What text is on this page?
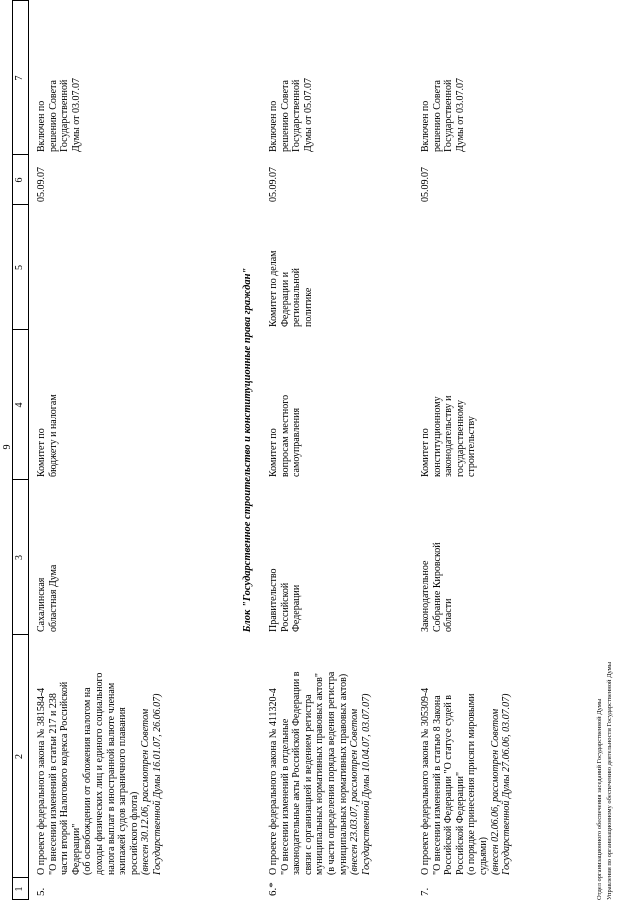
9
1
2
3
4
5
6
7
5.
О проекте федерального закона № 381584-4 "О внесении изменений в статьи 217 и 238 части второй Налогового кодекса Российской Федерации" (об освобождении от обложения налогом на доходы физических лиц и единого социального налога выплат в иностранной валюте членам экипажей судов заграничного плавания российского флота) (внесен 30.12.06, рассмотрен Советом Государственной Думы 16.01.07, 26.06.07)
Сахалинская областная Дума
Комитет по бюджету и налогам
05.09.07
Включен по решению Совета Государственной Думы от 03.07.07
Блок "Государственное строительство и конституционные права граждан"
6.*
О проекте федерального закона № 411320-4 "О внесении изменений в отдельные законодательные акты Российской Федерации в связи с организацией и ведением регистра муниципальных нормативных правовых актов" (в части определения порядка ведения регистра муниципальных нормативных правовых актов) (внесен 23.03.07, рассмотрен Советом Государственной Думы 10.04.07, 03.07.07)
Правительство Российской Федерации
Комитет по вопросам местного самоуправления
Комитет по делам Федерации и региональной политике
05.09.07
Включен по решению Совета Государственной Думы от 05.07.07
7.
О проекте федерального закона № 305309-4 "О внесении изменений в статью 8 Закона Российской Федерации "О статусе судей в Российской Федерации" (о порядке принесения присяги мировыми судьями) (внесен 02.06.06, рассмотрен Советом Государственной Думы 27.06.06, 03.07.07)
Законодательное Собрание Кировской области
Комитет по конституционному законодательству и государственному строительству
05.09.07
Включен по решению Совета Государственной Думы от 03.07.07
Отдел организационного обеспечения заседаний Государственной Думы Управления по организационному обеспечению деятельности Государственной Думы
